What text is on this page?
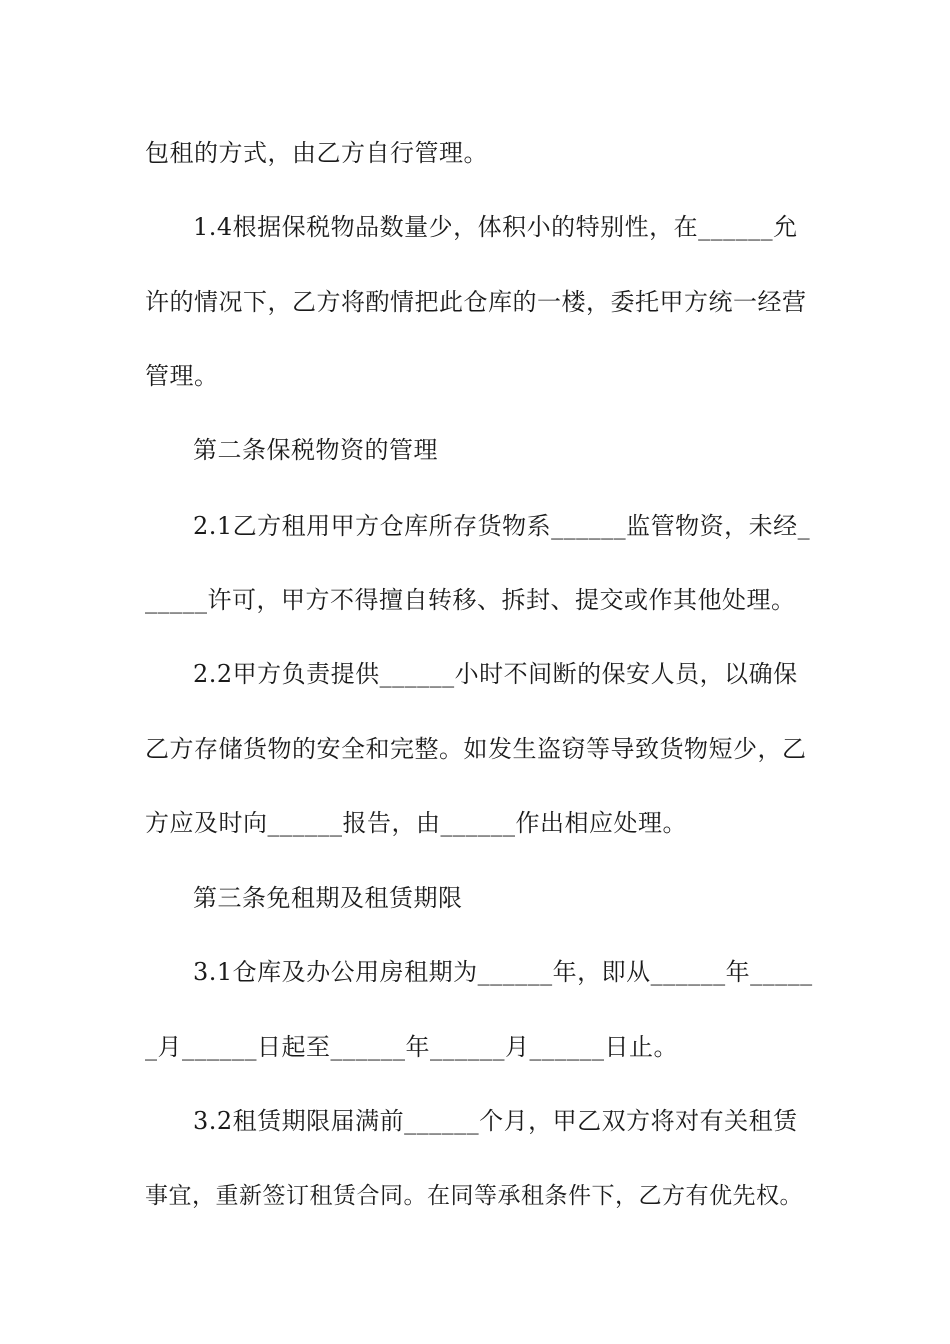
包租的方式，由乙方自行管理。
1.4根据保税物品数量少，体积小的特别性，在______允
许的情况下，乙方将酌情把此仓库的一楼，委托甲方统一经营
管理。
第二条保税物资的管理
2.1乙方租用甲方仓库所存货物系______监管物资，未经_
_____许可，甲方不得擅自转移、拆封、提交或作其他处理。
2.2甲方负责提供______小时不间断的保安人员，以确保
乙方存储货物的安全和完整。如发生盗窃等导致货物短少，乙
方应及时向______报告，由______作出相应处理。
第三条免租期及租赁期限
3.1仓库及办公用房租期为______年，即从______年_____
_月______日起至______年______月______日止。
3.2租赁期限届满前______个月，甲乙双方将对有关租赁
事宜，重新签订租赁合同。在同等承租条件下，乙方有优先权。
